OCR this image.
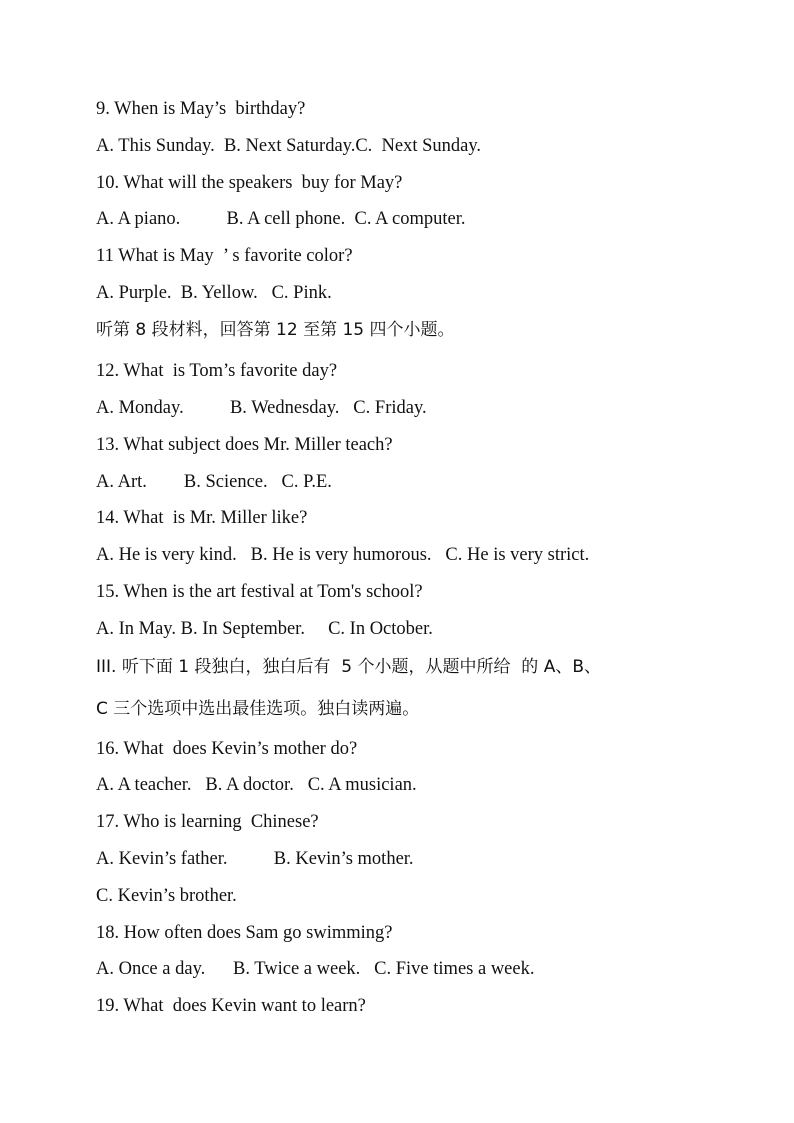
9. When is May’s  birthday?
A. This Sunday.  B. Next Saturday.C.  Next Sunday.
10. What will the speakers  buy for May?
A. A piano.          B. A cell phone.  C. A computer.
11 What is May  ’ s favorite color?
A. Purple.  B. Yellow.   C. Pink.
听第 8 段材料，回答第 12 至第 15 四个小题。
12. What  is Tom’s favorite day?
A. Monday.          B. Wednesday.   C. Friday.
13. What subject does Mr. Miller teach?
A. Art.        B. Science.   C. P.E.
14. What  is Mr. Miller like?
A. He is very kind.   B. He is very humorous.   C. He is very strict.
15. When is the art festival at Tom's school?
A. In May. B. In September.     C. In October.
III. 听下面 1 段独白，独白后有  5 个小题，从题中所给  的 A、B、
C 三个选项中选出最佳选项。独白读两遍。
16. What  does Kevin’s mother do?
A. A teacher.   B. A doctor.   C. A musician.
17. Who is learning  Chinese?
A. Kevin’s father.          B. Kevin’s mother.
C. Kevin’s brother.
18. How often does Sam go swimming?
A. Once a day.      B. Twice a week.   C. Five times a week.
19. What  does Kevin want to learn?
